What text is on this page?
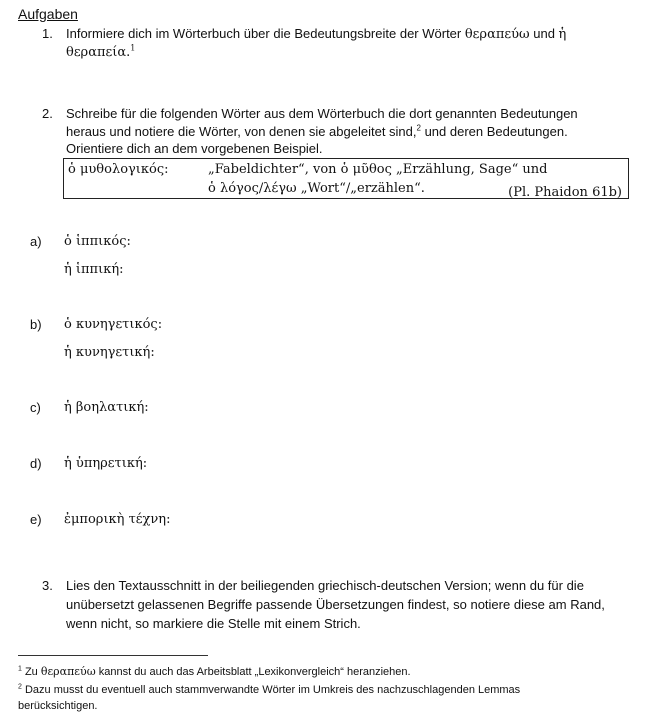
Aufgaben
1. Informiere dich im Wörterbuch über die Bedeutungsbreite der Wörter θεραπεύω und ἡ
θεραπεία.$^1$
2. Schreibe für die folgenden Wörter aus dem Wörterbuch die dort genannten Bedeutungen
heraus und notiere die Wörter, von denen sie abgeleitet sind,$^2$ und deren Bedeutungen.
Orientiere dich an dem vorgebenen Beispiel.
ὁ μυθολογικός:	„Fabeldichter“, von ὁ μῦθος „Erzählung, Sage“ und
ὁ λόγος/λέγω „Wort“/„erzählen“.	(Pl. Phaidon 61b)
a) ὁ ἱππικός:
ἡ ἱππική:
b) ὁ κυνηγετικός:
ἡ κυνηγετική:
c) ἡ βοηλατική:
d) ἡ ὑπηρετική:
e) ἐμπορικὴ τέχνη:
3. Lies den Textausschnitt in der beiliegenden griechisch-deutschen Version; wenn du für die
unübersetzt gelassenen Begriffe passende Übersetzungen findest, so notiere diese am Rand,
wenn nicht, so markiere die Stelle mit einem Strich.
$^1$ Zu θεραπεύω kannst du auch das Arbeitsblatt „Lexikonvergleich“ heranziehen.
$^2$ Dazu musst du eventuell auch stammverwandte Wörter im Umkreis des nachzuschlagenden Lemmas
berücksichtigen.
